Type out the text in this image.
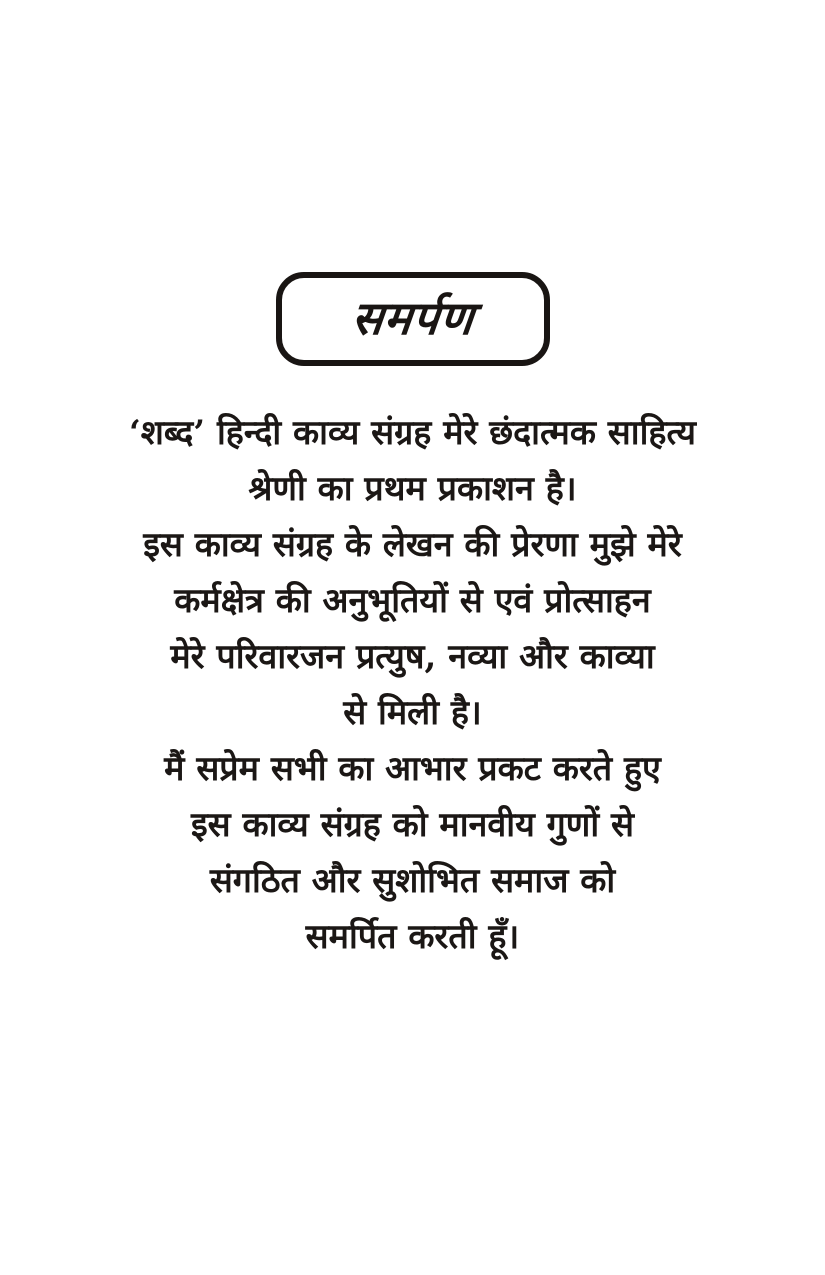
समर्पण
‘शब्द’ हिन्दी काव्य संग्रह मेरे छंदात्मक साहित्य
श्रेणी का प्रथम प्रकाशन है।
इस काव्य संग्रह के लेखन की प्रेरणा मुझे मेरे
कर्मक्षेत्र की अनुभूतियों से एवं प्रोत्साहन
मेरे परिवारजन प्रत्युष, नव्या और काव्या
से मिली है।
मैं सप्रेम सभी का आभार प्रकट करते हुए
इस काव्य संग्रह को मानवीय गुणों से
संगठित और सुशोभित समाज को
समर्पित करती हूँ।
